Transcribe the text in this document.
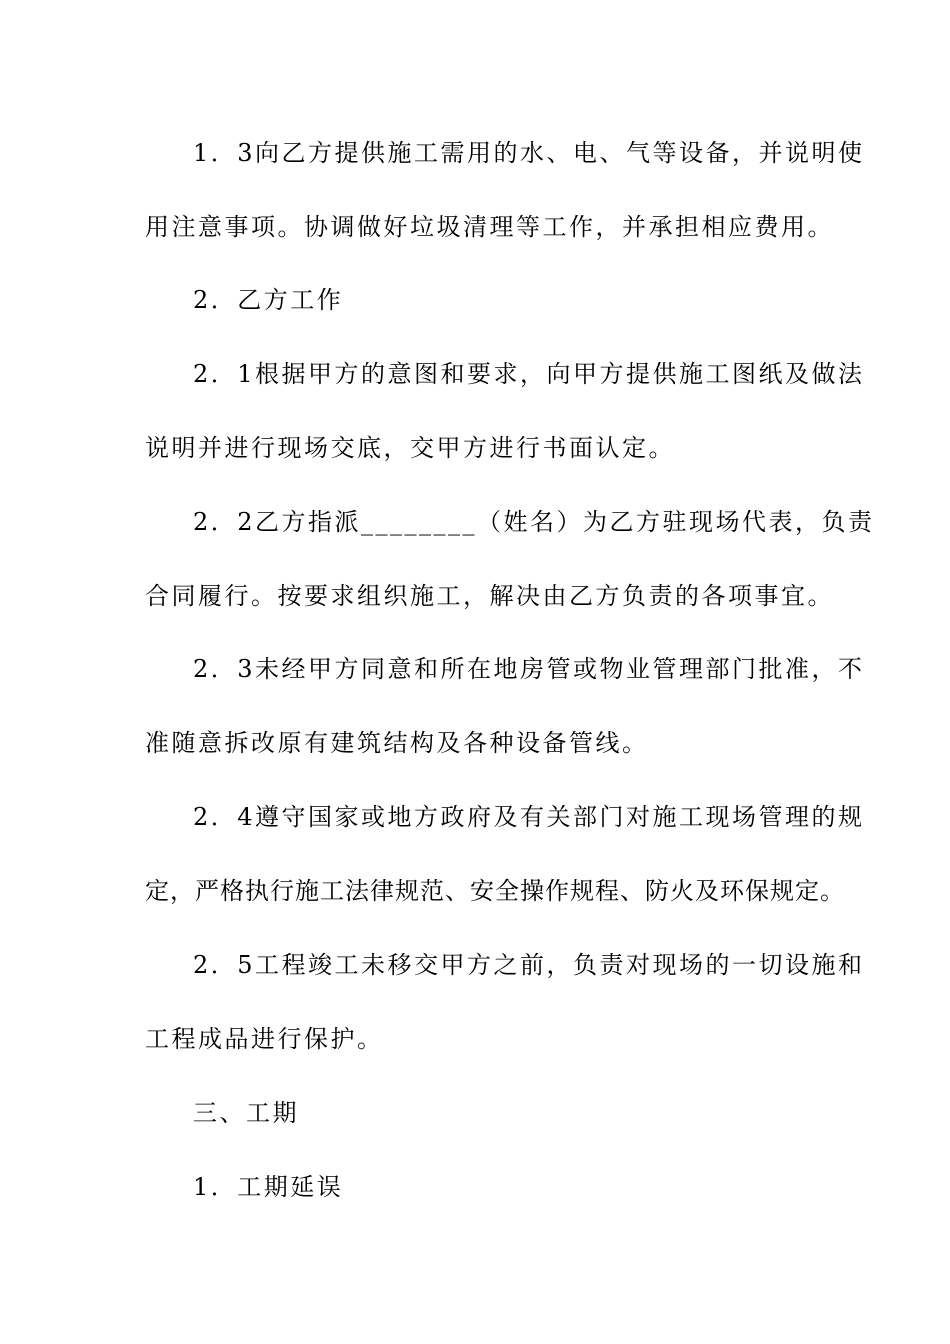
1．3向乙方提供施工需用的水、电、气等设备，并说明使

用注意事项。协调做好垃圾清理等工作，并承担相应费用。

2．乙方工作

2．1根据甲方的意图和要求，向甲方提供施工图纸及做法

说明并进行现场交底，交甲方进行书面认定。

2．2乙方指派________（姓名）为乙方驻现场代表，负责

合同履行。按要求组织施工，解决由乙方负责的各项事宜。

2．3未经甲方同意和所在地房管或物业管理部门批准，不

准随意拆改原有建筑结构及各种设备管线。

2．4遵守国家或地方政府及有关部门对施工现场管理的规

定，严格执行施工法律规范、安全操作规程、防火及环保规定。

2．5工程竣工未移交甲方之前，负责对现场的一切设施和

工程成品进行保护。

三、工期

1．工期延误
